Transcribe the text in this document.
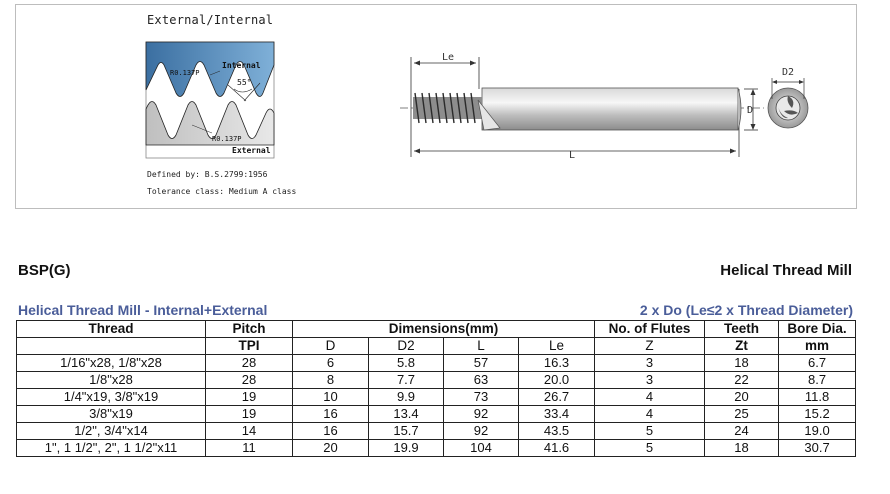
Internal
R0.137P
55°
R0.137P
External
Le
L
D
D2
External/Internal
Defined by: B.S.2799:1956
Tolerance class: Medium A class
BSP(G)	Helical Thread Mill
Helical Thread Mill - Internal+External	2 x Do (Le≤2 x Thread Diameter)
Thread	Pitch	Dimensions(mm)				No. of Flutes	Teeth	Bore Dia.
	TPI	D	D2	L	Le	Z	Zt	mm
1/16"x28, 1/8"x28	28	6	5.8	57	16.3	3	18	6.7
1/8"x28	28	8	7.7	63	20.0	3	22	8.7
1/4"x19, 3/8"x19	19	10	9.9	73	26.7	4	20	11.8
3/8"x19	19	16	13.4	92	33.4	4	25	15.2
1/2", 3/4"x14	14	16	15.7	92	43.5	5	24	19.0
1", 1 1/2", 2", 1 1/2"x11	11	20	19.9	104	41.6	5	18	30.7
